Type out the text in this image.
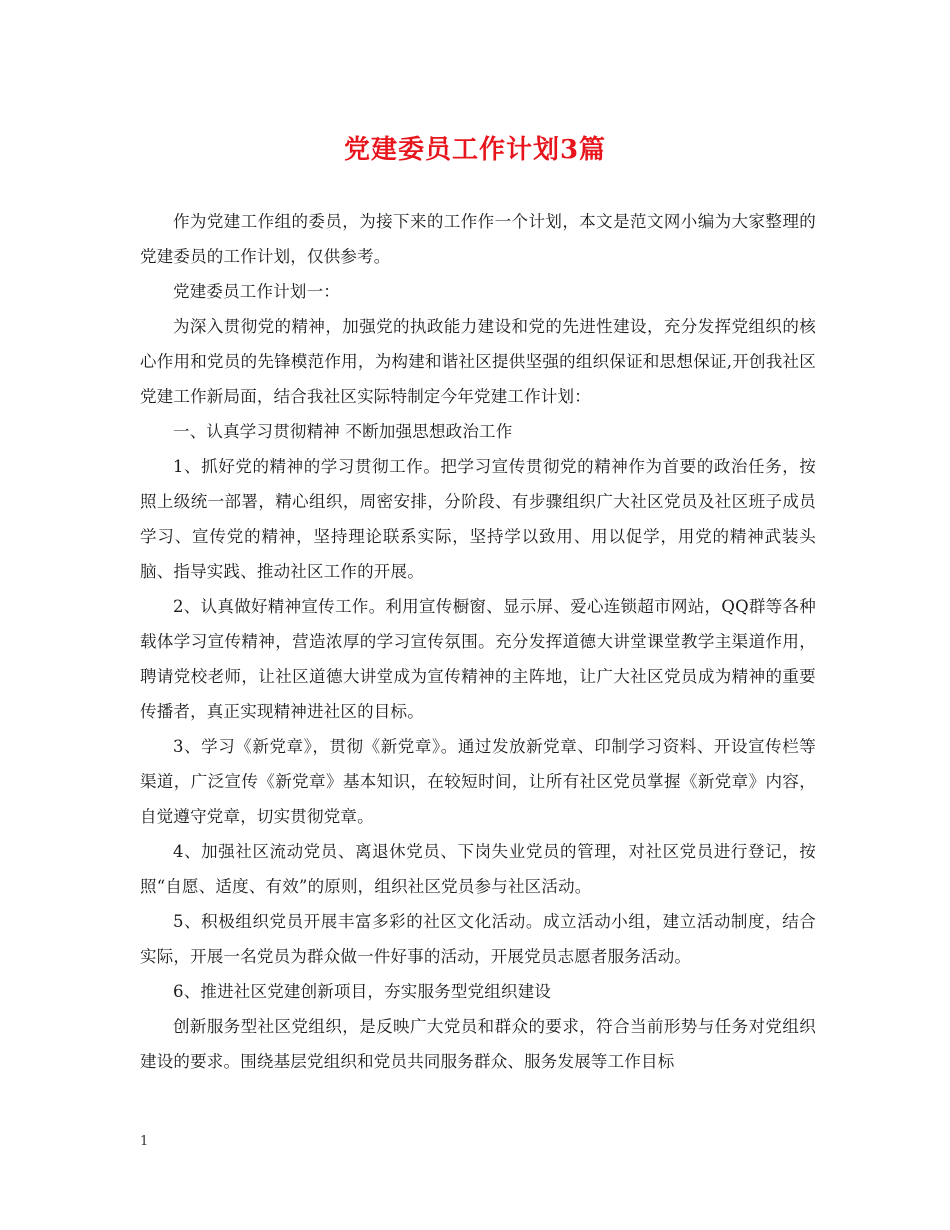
党建委员工作计划3篇

作为党建工作组的委员，为接下来的工作作一个计划，本文是范文网小编为大家整理的党建委员的工作计划，仅供参考。

党建委员工作计划一：

为深入贯彻党的精神，加强党的执政能力建设和党的先进性建设，充分发挥党组织的核心作用和党员的先锋模范作用，为构建和谐社区提供坚强的组织保证和思想保证,开创我社区党建工作新局面，结合我社区实际特制定今年党建工作计划：

一、认真学习贯彻精神 不断加强思想政治工作

1、抓好党的精神的学习贯彻工作。把学习宣传贯彻党的精神作为首要的政治任务，按照上级统一部署，精心组织，周密安排，分阶段、有步骤组织广大社区党员及社区班子成员学习、宣传党的精神，坚持理论联系实际，坚持学以致用、用以促学，用党的精神武装头脑、指导实践、推动社区工作的开展。

2、认真做好精神宣传工作。利用宣传橱窗、显示屏、爱心连锁超市网站，QQ群等各种载体学习宣传精神，营造浓厚的学习宣传氛围。充分发挥道德大讲堂课堂教学主渠道作用，聘请党校老师，让社区道德大讲堂成为宣传精神的主阵地，让广大社区党员成为精神的重要传播者，真正实现精神进社区的目标。

3、学习《新党章》，贯彻《新党章》。通过发放新党章、印制学习资料、开设宣传栏等渠道，广泛宣传《新党章》基本知识，在较短时间，让所有社区党员掌握《新党章》内容，自觉遵守党章，切实贯彻党章。

4、加强社区流动党员、离退休党员、下岗失业党员的管理，对社区党员进行登记，按照“自愿、适度、有效”的原则，组织社区党员参与社区活动。

5、积极组织党员开展丰富多彩的社区文化活动。成立活动小组，建立活动制度，结合实际，开展一名党员为群众做一件好事的活动，开展党员志愿者服务活动。

6、推进社区党建创新项目，夯实服务型党组织建设

创新服务型社区党组织，是反映广大党员和群众的要求，符合当前形势与任务对党组织建设的要求。围绕基层党组织和党员共同服务群众、服务发展等工作目标

1
